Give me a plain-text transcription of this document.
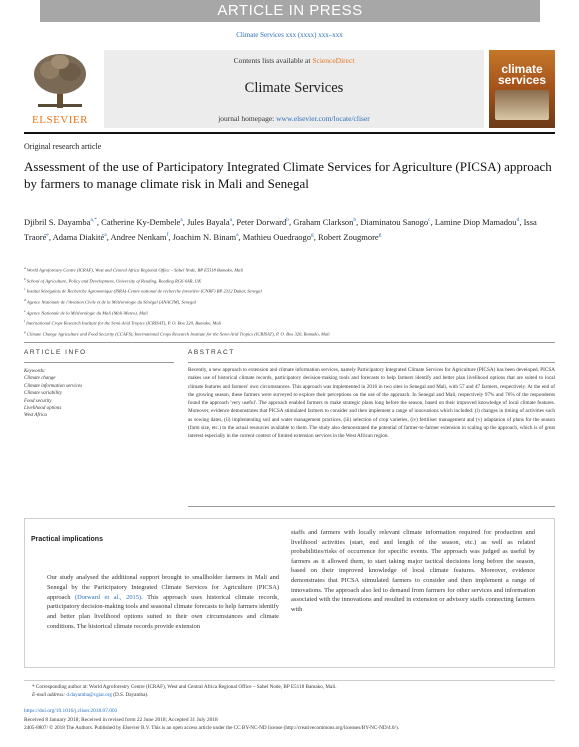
ARTICLE IN PRESS
Climate Services xxx (xxxx) xxx–xxx
ELSEVIER
Contents lists available at ScienceDirect
Climate Services
journal homepage: www.elsevier.com/locate/cliser
climate services
Original research article
Assessment of the use of Participatory Integrated Climate Services for Agriculture (PICSA) approach by farmers to manage climate risk in Mali and Senegal
Djibril S. Dayamba$^{a,*}$, Catherine Ky-Dembele$^a$, Jules Bayala$^a$, Peter Dorward$^b$, Graham Clarkson$^b$, Diaminatou Sanogo$^c$, Lamine Diop Mamadou$^d$, Issa Traoré$^e$, Adama Diakité$^a$, Andree Nenkam$^f$, Joachim N. Binam$^a$, Mathieu Ouedraogo$^g$, Robert Zougmore$^g$
$^a$ World Agroforestry Centre (ICRAF), West and Central Africa Regional Office – Sahel Node, BP E5118 Bamako, Mali
$^b$ School of Agriculture, Policy and Development, University of Reading, Reading RG6 6AR, UK
$^c$ Institut Sénégalais de Recherche Agronomique (ISRA)-Centre national de recherche forestière (CNRF) BP 2312 Dakar, Senegal
$^d$ Agence Nationale de l'Aviation Civile et de la Météorologie du Sénégal (ANACIM), Senegal
$^e$ Agence Nationale de la Météorologie du Mali (Mali-Meteo), Mali
$^f$ International Crops Research Institute for the Semi-Arid Tropics (ICRISAT), P. O. Box 320, Bamako, Mali
$^g$ Climate Change Agriculture and Food Security (CCAFS), International Crops Research Institute for the Semi-Arid Tropics (ICRISAT), P. O. Box 320, Bamako, Mali
ARTICLE INFO	ABSTRACT
Keywords:
Climate change
Climate information services
Climate variability
Food security
Livelihood options
West Africa
Recently, a new approach to extension and climate information services, namely Participatory Integrated Climate Services for Agriculture (PICSA) has been developed. PICSA makes use of historical climate records, participatory decision-making tools and forecasts to help farmers identify and better plan livelihood options that are suited to local climate features and farmers' own circumstances. This approach was implemented in 2016 in two sites in Senegal and Mali, with 57 and 47 farmers, respectively. At the end of the growing season, these farmers were surveyed to explore their perceptions on the use of the approach. In Senegal and Mali, respectively 97% and 76% of the respondents found the approach 'very useful'. The approach enabled farmers to make strategic plans long before the season, based on their improved knowledge of local climate features. Moreover, evidence demonstrates that PICSA stimulated farmers to consider and then implement a range of innovations which included: (i) changes in timing of activities such as sowing dates, (ii) implementing soil and water management practices, (iii) selection of crop varieties, (iv) fertiliser management and (v) adaptation of plans for the season (farm size, etc.) to the actual resources available to them. The study also demonstrated the potential of farmer-to-farmer extension in scaling up the approach, which is of great interest especially in the current context of limited extension services in the West African region.
Practical implications
Our study analysed the additional support brought to smallholder farmers in Mali and Senegal by the Participatory Integrated Climate Services for Agriculture (PICSA) approach (Dorward et al., 2015). This approach uses historical climate records, participatory decision-making tools and seasonal climate forecasts to help farmers identify and better plan livelihood options suited to their own circumstances and climate conditions. The historical climate records provide extension
staffs and farmers with locally relevant climate information required for production and livelihood activities (start, end and length of the season, etc.) as well as related probabilities/risks of occurrence for specific events. The approach was judged as useful by farmers as it allowed them, to start taking major tactical decisions long before the season, based on their improved knowledge of local climate features. Moreover, evidence demonstrates that PICSA stimulated farmers to consider and then implement a range of innovations. The approach also led to demand from farmers for other services and information associated with the innovations and resulted in extension or advisory staffs connecting farmers with
* Corresponding author at: World Agroforestry Centre (ICRAF), West and Central Africa Regional Office – Sahel Node, BP E5118 Bamako, Mali.
E-mail address: d.dayamba@cgiar.org (D.S. Dayamba).
https://doi.org/10.1016/j.cliser.2018.07.003
Received 8 January 2018; Received in revised form 22 June 2018; Accepted 31 July 2018
2405-8807/ © 2018 The Authors. Published by Elsevier B.V. This is an open access article under the CC BY-NC-ND license (http://creativecommons.org/licenses/BY-NC-ND/4.0/).
